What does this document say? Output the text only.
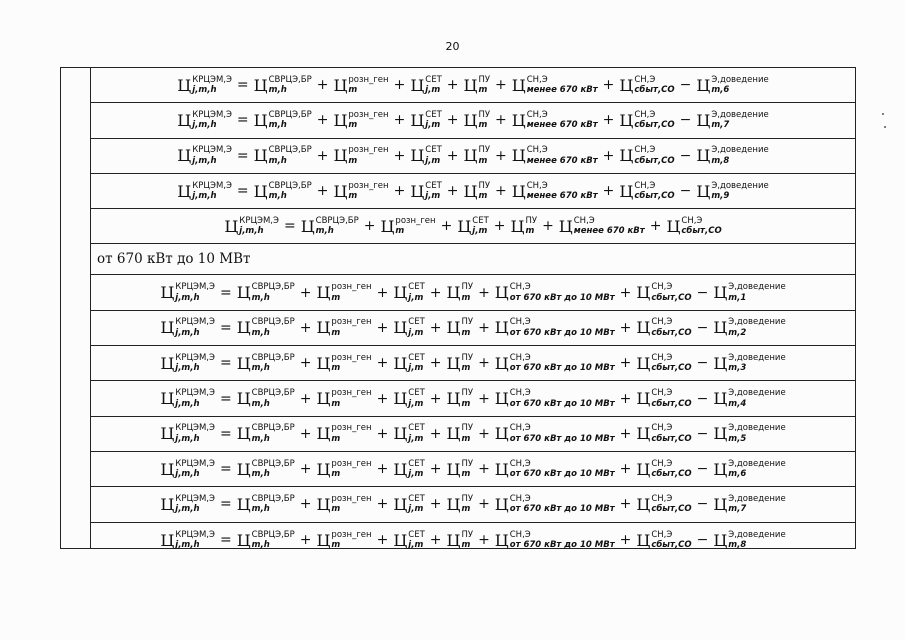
20
Ц КРЦЭМ,Э
j,m,h	= Ц СВРЦЭ,БР
m,h	+ Ц розн_ген
m	+ Ц СЕТ
j,m + Ц ПУ
m + Ц СН,Э
менее 670 кВт + Ц СН,Э
сбыт,СО − Ц Э,доведение
m,6
Ц КРЦЭМ,Э
j,m,h	= Ц СВРЦЭ,БР
m,h	+ Ц розн_ген
m	+ Ц СЕТ
j,m + Ц ПУ
m + Ц СН,Э
менее 670 кВт + Ц СН,Э
сбыт,СО − Ц Э,доведение
m,7
Ц КРЦЭМ,Э
j,m,h	= Ц СВРЦЭ,БР
m,h	+ Ц розн_ген
m	+ Ц СЕТ
j,m + Ц ПУ
m + Ц СН,Э
менее 670 кВт + Ц СН,Э
сбыт,СО − Ц Э,доведение
m,8
Ц КРЦЭМ,Э
j,m,h	= Ц СВРЦЭ,БР
m,h	+ Ц розн_ген
m	+ Ц СЕТ
j,m + Ц ПУ
m + Ц СН,Э
менее 670 кВт + Ц СН,Э
сбыт,СО − Ц Э,доведение
m,9
Ц КРЦЭМ,Э
j,m,h	= Ц СВРЦЭ,БР
m,h	+ Ц розн_ген
m	+ Ц СЕТ
j,m + Ц ПУ
m + Ц СН,Э
менее 670 кВт + Ц СН,Э
сбыт,СО
от 670 кВт до 10 МВт
Ц КРЦЭМ,Э
j,m,h	= Ц СВРЦЭ,БР
m,h	+ Ц розн_ген
m	+ Ц СЕТ
j,m + Ц ПУ
m + Ц СН,Э
от 670 кВт до 10 МВт + Ц СН,Э
сбыт,СО − Ц Э,доведение
m,1
Ц КРЦЭМ,Э
j,m,h	= Ц СВРЦЭ,БР
m,h	+ Ц розн_ген
m	+ Ц СЕТ
j,m + Ц ПУ
m + Ц СН,Э
от 670 кВт до 10 МВт + Ц СН,Э
сбыт,СО − Ц Э,доведение
m,2
Ц КРЦЭМ,Э
j,m,h	= Ц СВРЦЭ,БР
m,h	+ Ц розн_ген
m	+ Ц СЕТ
j,m + Ц ПУ
m + Ц СН,Э
от 670 кВт до 10 МВт + Ц СН,Э
сбыт,СО − Ц Э,доведение
m,3
Ц КРЦЭМ,Э
j,m,h	= Ц СВРЦЭ,БР
m,h	+ Ц розн_ген
m	+ Ц СЕТ
j,m + Ц ПУ
m + Ц СН,Э
от 670 кВт до 10 МВт + Ц СН,Э
сбыт,СО − Ц Э,доведение
m,4
Ц КРЦЭМ,Э
j,m,h	= Ц СВРЦЭ,БР
m,h	+ Ц розн_ген
m	+ Ц СЕТ
j,m + Ц ПУ
m + Ц СН,Э
от 670 кВт до 10 МВт + Ц СН,Э
сбыт,СО − Ц Э,доведение
m,5
Ц КРЦЭМ,Э
j,m,h	= Ц СВРЦЭ,БР
m,h	+ Ц розн_ген
m	+ Ц СЕТ
j,m + Ц ПУ
m + Ц СН,Э
от 670 кВт до 10 МВт + Ц СН,Э
сбыт,СО − Ц Э,доведение
m,6
Ц КРЦЭМ,Э
j,m,h	= Ц СВРЦЭ,БР
m,h	+ Ц розн_ген
m	+ Ц СЕТ
j,m + Ц ПУ
m + Ц СН,Э
от 670 кВт до 10 МВт + Ц СН,Э
сбыт,СО − Ц Э,доведение
m,7
Ц КРЦЭМ,Э
j,m,h	= Ц СВРЦЭ,БР
m,h	+ Ц розн_ген
m	+ Ц СЕТ
j,m + Ц ПУ
m + Ц СН,Э
от 670 кВт до 10 МВт + Ц СН,Э
сбыт,СО − Ц Э,доведение
m,8
